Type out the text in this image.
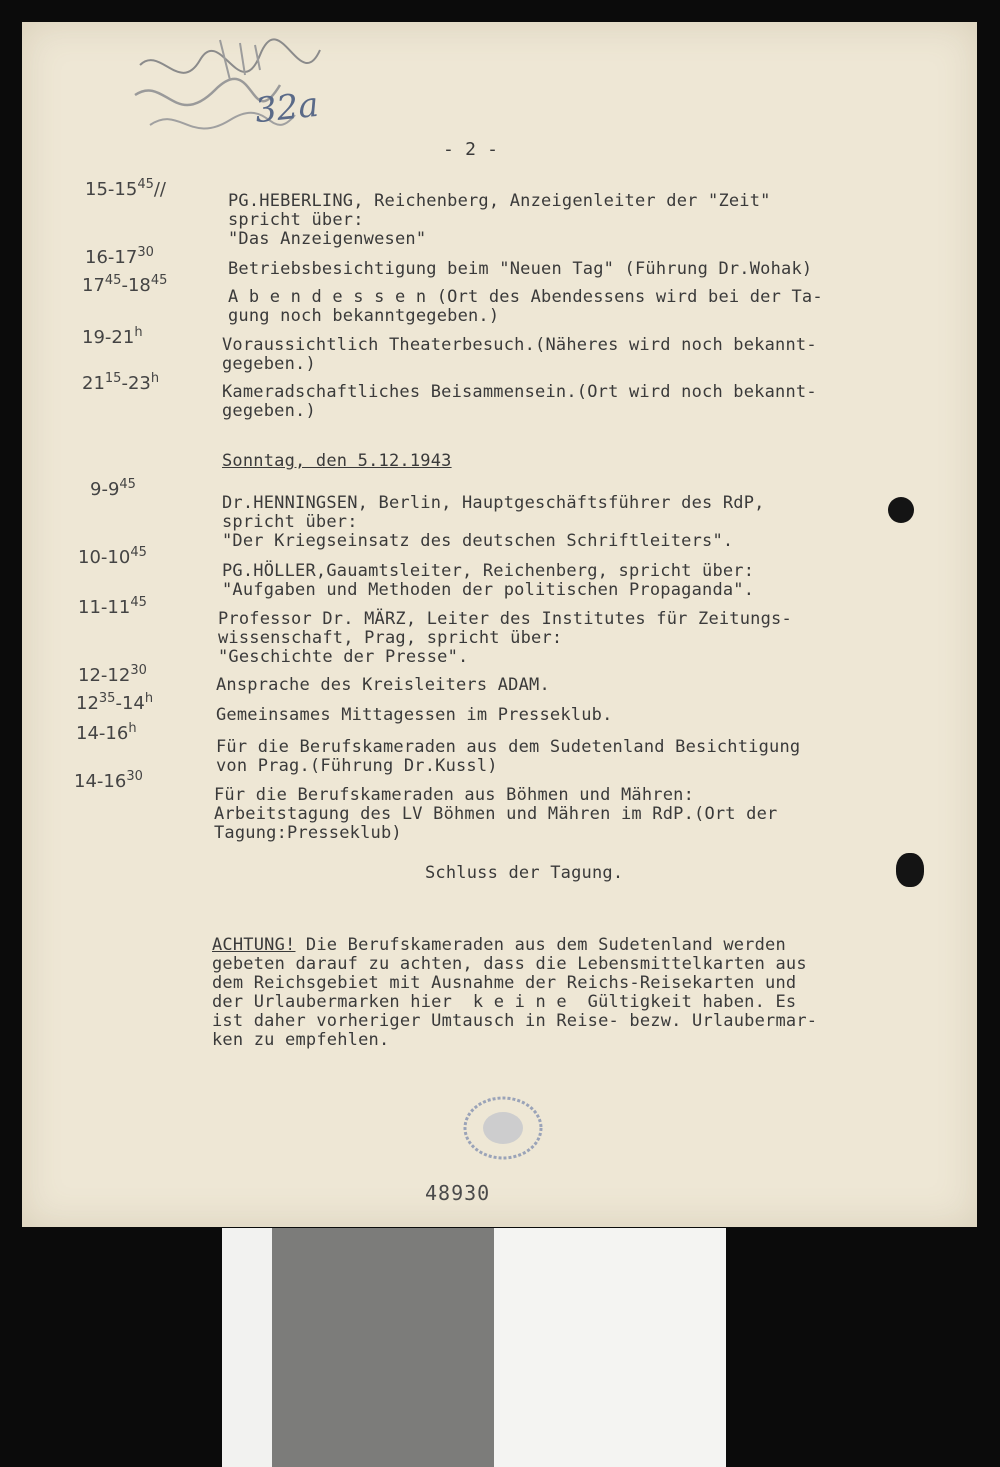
32a
- 2 -
$15-15^{45}//$
PG.HEBERLING, Reichenberg, Anzeigenleiter der "Zeit"
spricht über:
"Das Anzeigenwesen"
$16-17^{30}$
Betriebsbesichtigung beim "Neuen Tag" (Führung Dr.Wohak)
$17^{45}-18^{45}$
A b e n d e s s e n (Ort des Abendessens wird bei der Ta-
gung noch bekanntgegeben.)
19-21$^h$
Voraussichtlich Theaterbesuch.(Näheres wird noch bekannt-
gegeben.)
$21^{15}-23^h$
Kameradschaftliches Beisammensein.(Ort wird noch bekannt-
gegeben.)
Sonntag, den 5.12.1943
$9-9^{45}$
Dr.HENNINGSEN, Berlin, Hauptgeschäftsführer des RdP,
spricht über:
"Der Kriegseinsatz des deutschen Schriftleiters".
$10-10^{45}$
PG.HÖLLER,Gauamtsleiter, Reichenberg, spricht über:
"Aufgaben und Methoden der politischen Propaganda".
$11-11^{45}$
Professor Dr. MÄRZ, Leiter des Institutes für Zeitungs-
wissenschaft, Prag, spricht über:
"Geschichte der Presse".
$12-12^{30}$
Ansprache des Kreisleiters ADAM.
$12^{35}-14^h$
Gemeinsames Mittagessen im Presseklub.
14-16$^h$
Für die Berufskameraden aus dem Sudetenland Besichtigung
von Prag.(Führung Dr.Kussl)
$14-16^{30}$
Für die Berufskameraden aus Böhmen und Mähren:
Arbeitstagung des LV Böhmen und Mähren im RdP.(Ort der
Tagung:Presseklub)
Schluss der Tagung.
ACHTUNG! Die Berufskameraden aus dem Sudetenland werden
gebeten darauf zu achten, dass die Lebensmittelkarten aus
dem Reichsgebiet mit Ausnahme der Reichs-Reisekarten und
der Urlaubermarken hier  k e i n e  Gültigkeit haben. Es
ist daher vorheriger Umtausch in Reise- bezw. Urlaubermar-
ken zu empfehlen.
48930
